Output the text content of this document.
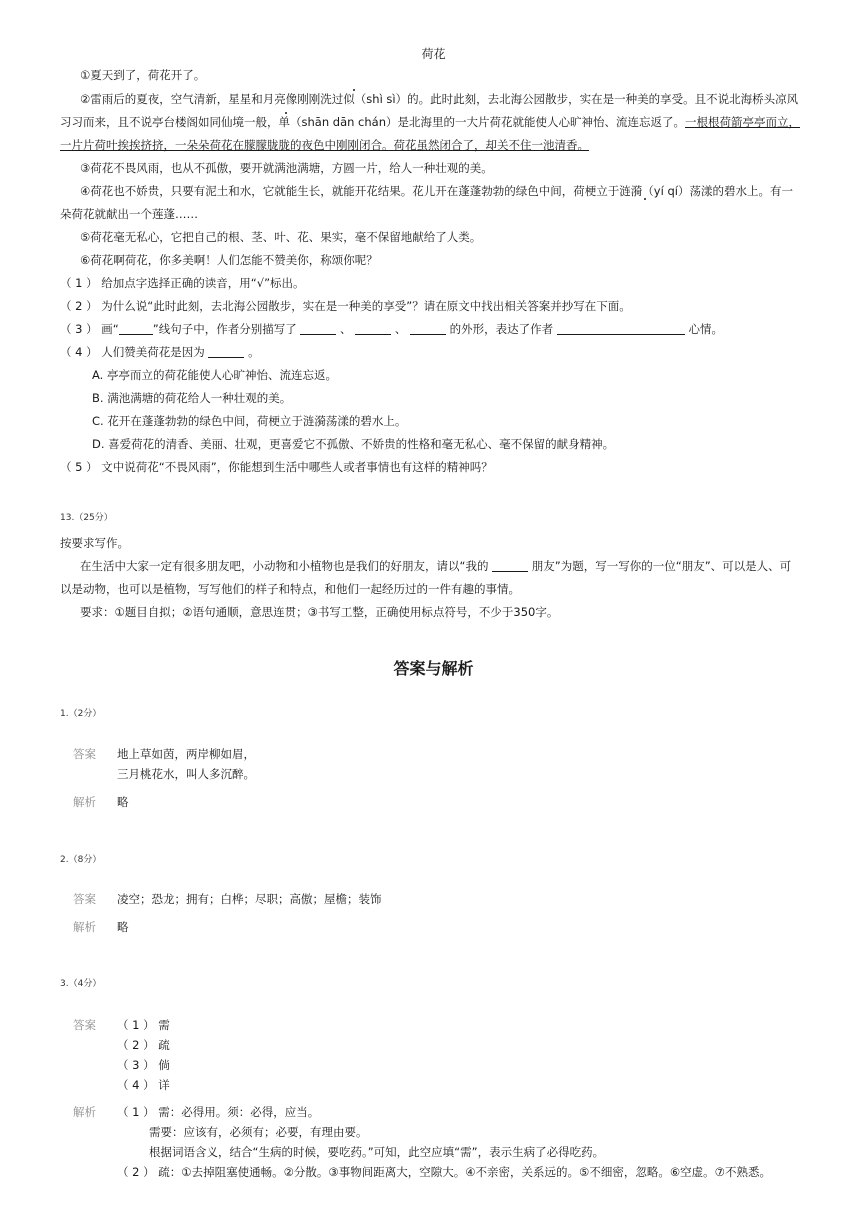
荷花
①夏天到了，荷花开了。
②雷雨后的夏夜，空气清新，星星和月亮像刚刚洗过似（shì sì）的。此时此刻，去北海公园散步，实在是一种美的享受。且不说北海桥头凉风
习习而来，且不说亭台楼阁如同仙境一般，单（shān dān chán）是北海里的一大片荷花就能使人心旷神怡、流连忘返了。一根根荷箭亭亭而立，
一片片荷叶挨挨挤挤，一朵朵荷花在朦朦胧胧的夜色中刚刚闭合。荷花虽然闭合了，却关不住一池清香。
③荷花不畏风雨，也从不孤傲，要开就满池满塘，方圆一片，给人一种壮观的美。
④荷花也不娇贵，只要有泥土和水，它就能生长，就能开花结果。花儿开在蓬蓬勃勃的绿色中间，荷梗立于涟漪（yí qí）荡漾的碧水上。有一
朵荷花就献出一个莲蓬……
⑤荷花毫无私心，它把自己的根、茎、叶、花、果实，毫不保留地献给了人类。
⑥荷花啊荷花，你多美啊！人们怎能不赞美你，称颂你呢？
（ 1 ） 给加点字选择正确的读音，用“√”标出。
（ 2 ） 为什么说“此时此刻，去北海公园散步，实在是一种美的享受”？请在原文中找出相关答案并抄写在下面。
（ 3 ） 画“	”线句子中，作者分别描写了	、	、	的外形，表达了作者	心情。
（ 4 ） 人们赞美荷花是因为	。
A. 亭亭而立的荷花能使人心旷神怡、流连忘返。
B. 满池满塘的荷花给人一种壮观的美。
C. 花开在蓬蓬勃勃的绿色中间，荷梗立于涟漪荡漾的碧水上。
D. 喜爱荷花的清香、美丽、壮观，更喜爱它不孤傲、不娇贵的性格和毫无私心、毫不保留的献身精神。
（ 5 ） 文中说荷花“不畏风雨”，你能想到生活中哪些人或者事情也有这样的精神吗？
13.（25分）
按要求写作。
在生活中大家一定有很多朋友吧，小动物和小植物也是我们的好朋友，请以“我的	朋友”为题，写一写你的一位“朋友”、可以是人、可
以是动物，也可以是植物，写写他们的样子和特点，和他们一起经历过的一件有趣的事情。
要求：①题目自拟；②语句通顺，意思连贯；③书写工整，正确使用标点符号，不少于350字。
答案与解析
1.（2分）
答案 地上草如茵，两岸柳如眉，
三月桃花水，叫人多沉醉。
解析 略
2.（8分）
答案 凌空；恐龙；拥有；白桦；尽职；高傲；屋檐；装饰
解析 略
3.（4分）
答案 （ 1 ） 需
（ 2 ） 疏
（ 3 ） 倘
（ 4 ） 详
解析 （ 1 ） 需：必得用。须：必得，应当。
需要：应该有，必须有；必要，有理由要。
根据词语含义，结合“生病的时候，要吃药。”可知，此空应填“需”，表示生病了必得吃药。
（ 2 ） 疏：①去掉阻塞使通畅。②分散。③事物间距离大，空隙大。④不亲密，关系远的。⑤不细密，忽略。⑥空虚。⑦不熟悉。
